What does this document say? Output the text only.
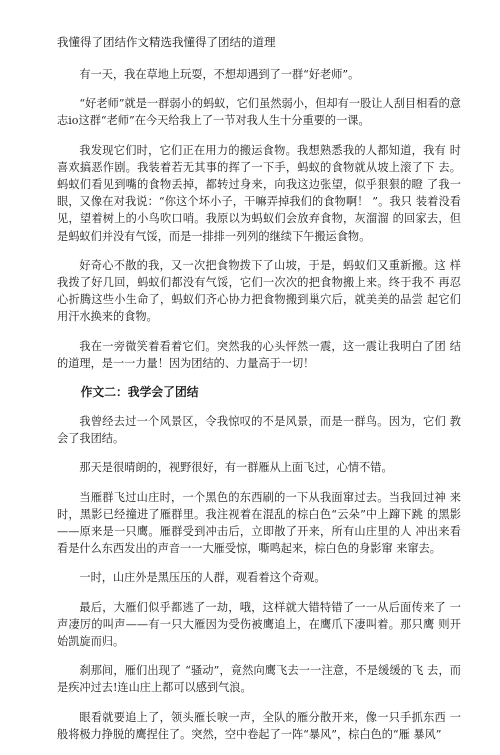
我懂得了团结作文精选我懂得了团结的道理

有一天，我在草地上玩耍，不想却遇到了一群“好老师”。

“好老师”就是一群弱小的蚂蚁，它们虽然弱小，但却有一股让人刮目相看的意志io这群“老师”在今天给我上了一节对我人生十分重要的一课。

我发现它们时，它们正在用力的搬运食物。我想熟悉我的人都知道，我有 时喜欢搞恶作剧。我装着若无其事的挥了一下手，蚂蚁的食物就从坡上滚了下 去。蚂蚁们看见到嘴的食物丢掉，都转过身来，向我这边张望，似乎狠狠的瞪 了我一眼，又像在对我说：“你这个坏小子，干嘛弄掉我们的食物啊！ ”。我只 装着没看见，望着树上的小鸟吹口哨。我原以为蚂蚁们会放弃食物，灰溜溜 的回家去，但是蚂蚁们并没有气馁，而是一排排一列列的继续下午搬运食物。

好奇心不散的我，又一次把食物拨下了山坡，于是，蚂蚁们又重新搬。这 样我拨了好几回，蚂蚁们都没有气馁，它们一次次的把食物搬上来。终于我不 再忍心折腾这些小生命了，蚂蚁们齐心协力把食物搬到巢穴后，就美美的品尝 起它们用汗水换来的食物。

我在一旁微笑着看着它们。突然我的心头怦然一震，这一震让我明白了团 结的道理，是一一力量！因为团结的、力量高于一切！

作文二：我学会了团结

我曾经去过一个风景区，令我惊叹的不是风景，而是一群鸟。因为，它们 教会了我团结。

那天是很晴朗的，视野很好，有一群雁从上面飞过，心情不错。

当雁群飞过山庄时，一个黑色的东西刷的一下从我面窜过去。当我回过神 来时，黑影已经撞进了雁群里。我注视着在混乱的棕白色“云朵”中上蹿下跳 的黑影——原来是一只鹰。雁群受到冲击后，立即散了开来，所有山庄里的人 冲出来看看是什么东西发出的声音一一大雁受惊，嘶鸣起来，棕白色的身影窜 来窜去。

一时，山庄外是黑压压的人群，观看着这个奇观。

最后，大雁们似乎都逃了一劫，哦，这样就大错特错了一一从后面传来了 一声凄厉的叫声——有一只大雁因为受伤被鹰追上，在鹰爪下凄叫着。那只鹰 则开始凯旋而归。

刹那间，雁们出现了 “骚动”，竟然向鹰飞去一一注意，不是缓缓的飞 去，而是疾冲过去!连山庄上都可以感到气浪。

眼看就要追上了，领头雁长唳一声，全队的雁分散开来，像一只手抓东西 一般将极力挣脱的鹰捏住了。突然，空中卷起了一阵“暴风”，棕白色的“雁 暴风”
